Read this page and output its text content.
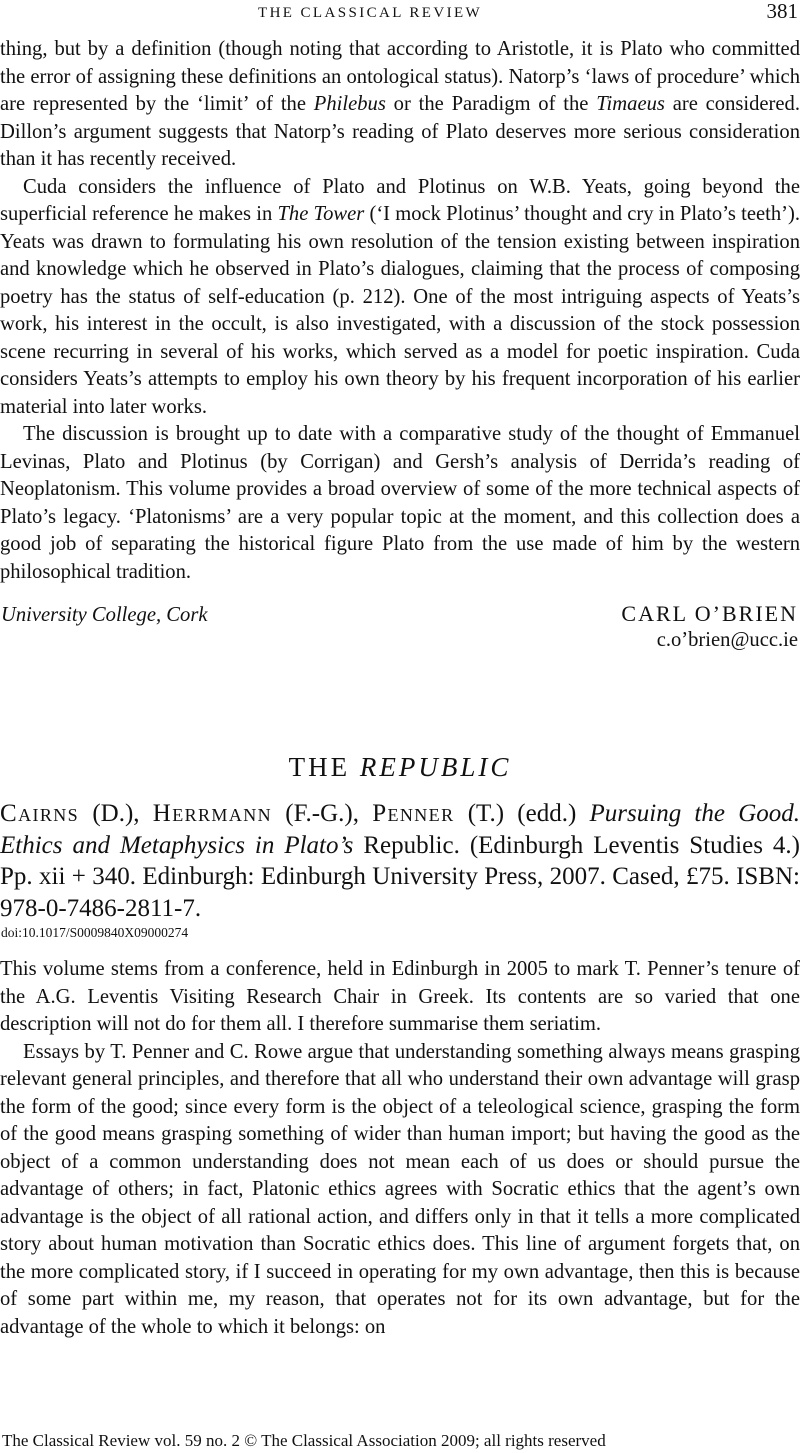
THE CLASSICAL REVIEW	381

thing, but by a definition (though noting that according to Aristotle, it is Plato who committed the error of assigning these definitions an ontological status). Natorp’s ‘laws of procedure’ which are represented by the ‘limit’ of the Philebus or the Paradigm of the Timaeus are considered. Dillon’s argument suggests that Natorp’s reading of Plato deserves more serious consideration than it has recently received.

Cuda considers the influence of Plato and Plotinus on W.B. Yeats, going beyond the superficial reference he makes in The Tower (‘I mock Plotinus’ thought and cry in Plato’s teeth’). Yeats was drawn to formulating his own resolution of the tension existing between inspiration and knowledge which he observed in Plato’s dialogues, claiming that the process of composing poetry has the status of self-education (p. 212). One of the most intriguing aspects of Yeats’s work, his interest in the occult, is also investigated, with a discussion of the stock possession scene recurring in several of his works, which served as a model for poetic inspiration. Cuda considers Yeats’s attempts to employ his own theory by his frequent incorporation of his earlier material into later works.

The discussion is brought up to date with a comparative study of the thought of Emmanuel Levinas, Plato and Plotinus (by Corrigan) and Gersh’s analysis of Derrida’s reading of Neoplatonism. This volume provides a broad overview of some of the more technical aspects of Plato’s legacy. ‘Platonisms’ are a very popular topic at the moment, and this collection does a good job of separating the historical figure Plato from the use made of him by the western philosophical tradition.

University College, Cork	CARL O’BRIEN
c.o’brien@ucc.ie
THE REPUBLIC
Cairns (D.), Herrmann (F.-G.), Penner (T.) (edd.) Pursuing the Good. Ethics and Metaphysics in Plato’s Republic. (Edinburgh Leventis Studies 4.) Pp. xii + 340. Edinburgh: Edinburgh University Press, 2007. Cased, £75. ISBN: 978-0-7486-2811-7.
doi:10.1017/S0009840X09000274

This volume stems from a conference, held in Edinburgh in 2005 to mark T. Penner’s tenure of the A.G. Leventis Visiting Research Chair in Greek. Its contents are so varied that one description will not do for them all. I therefore summarise them seriatim.

Essays by T. Penner and C. Rowe argue that understanding something always means grasping relevant general principles, and therefore that all who understand their own advantage will grasp the form of the good; since every form is the object of a teleological science, grasping the form of the good means grasping something of wider than human import; but having the good as the object of a common understanding does not mean each of us does or should pursue the advantage of others; in fact, Platonic ethics agrees with Socratic ethics that the agent’s own advantage is the object of all rational action, and differs only in that it tells a more complicated story about human motivation than Socratic ethics does. This line of argument forgets that, on the more complicated story, if I succeed in operating for my own advantage, then this is because of some part within me, my reason, that operates not for its own advantage, but for the advantage of the whole to which it belongs: on

The Classical Review vol. 59 no. 2 © The Classical Association 2009; all rights reserved
